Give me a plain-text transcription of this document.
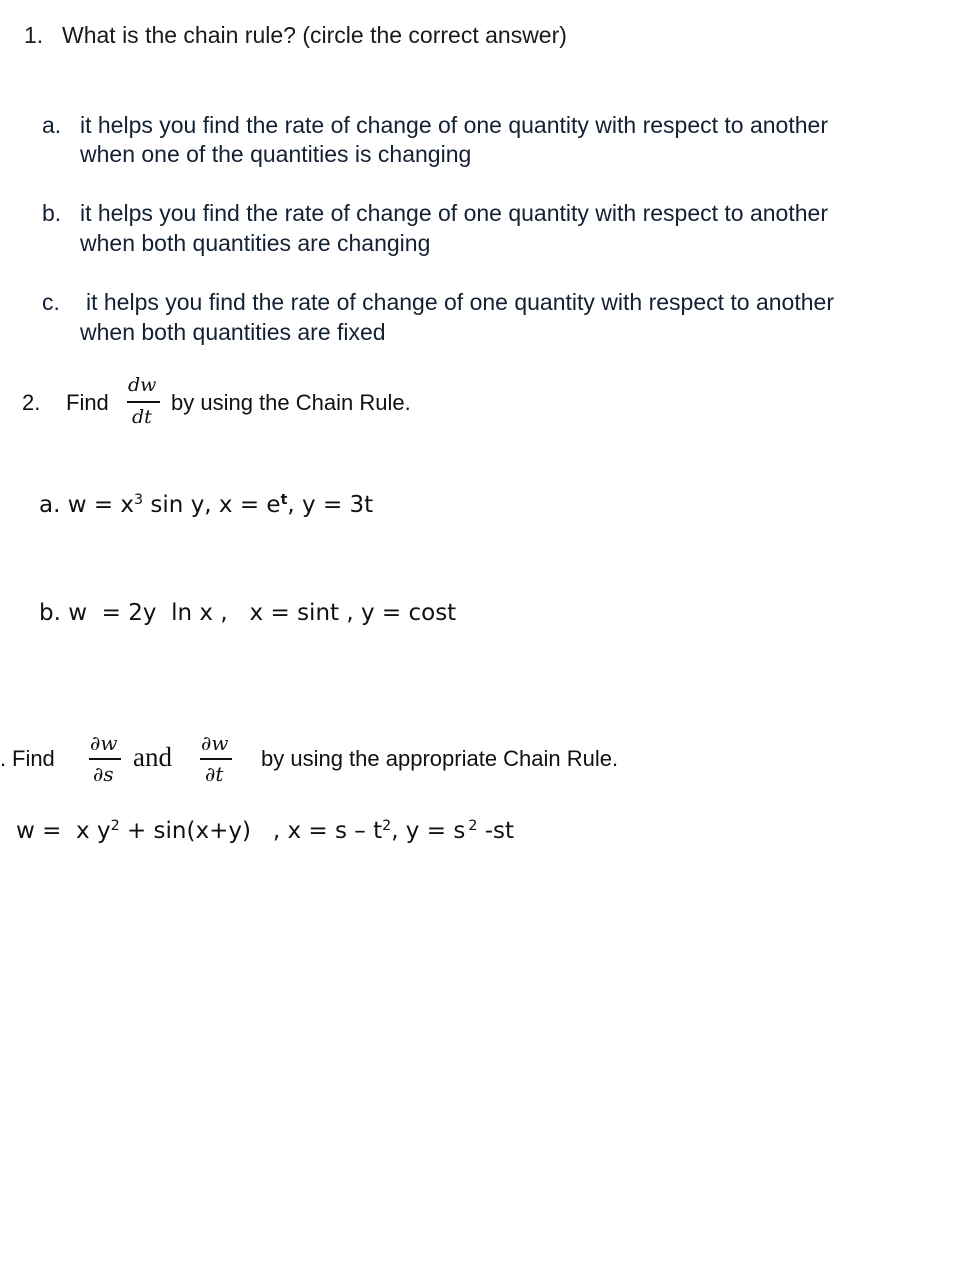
1. What is the chain rule? (circle the correct answer)
a. it helps you find the rate of change of one quantity with respect to another
when one of the quantities is changing
b. it helps you find the rate of change of one quantity with respect to another
when both quantities are changing
c. it helps you find the rate of change of one quantity with respect to another
when both quantities are fixed
2. Find
dw
dt
by using the Chain Rule.
a. $w = x^3$ sin y, $x = e^t$, y = 3t
b. w  = 2y  ln x ,   x = sint , y = cost
. Find
∂w
∂s
and ∂w
∂t
by using the appropriate Chain Rule.
w =  x $y^2 + \sin(x+y)$   , $x = s - t^2$, y = s $^2$ -st
